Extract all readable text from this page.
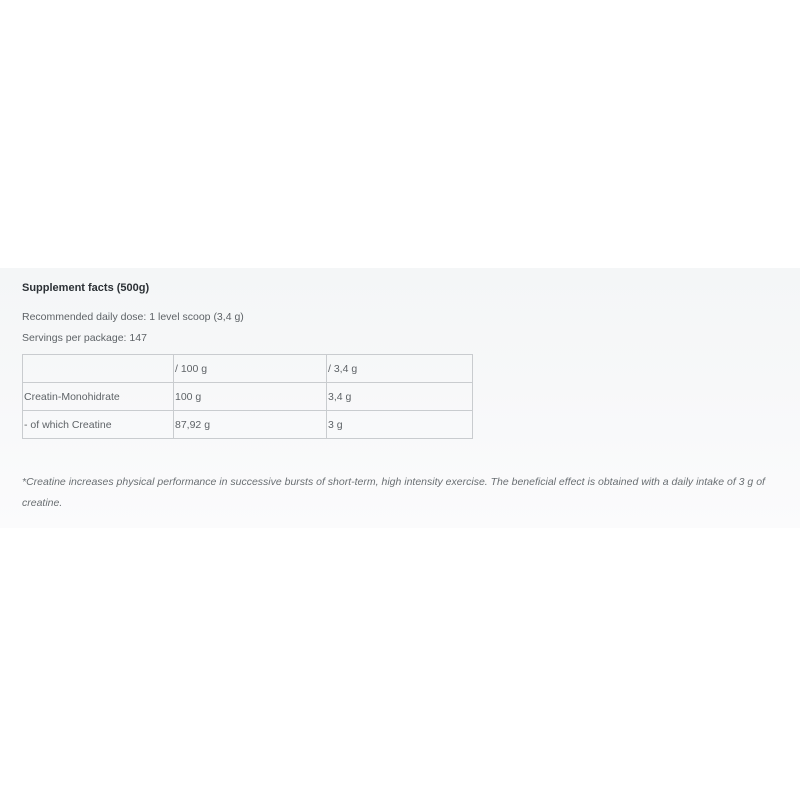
Supplement facts (500g)

Recommended daily dose: 1 level scoop (3,4 g)

Servings per package: 147

	/ 100 g	/ 3,4 g
Creatin-Monohidrate	100 g	3,4 g
- of which Creatine	87,92 g	3 g

*Creatine increases physical performance in successive bursts of short-term, high intensity exercise. The beneficial effect is obtained with a daily intake of 3 g of creatine.
